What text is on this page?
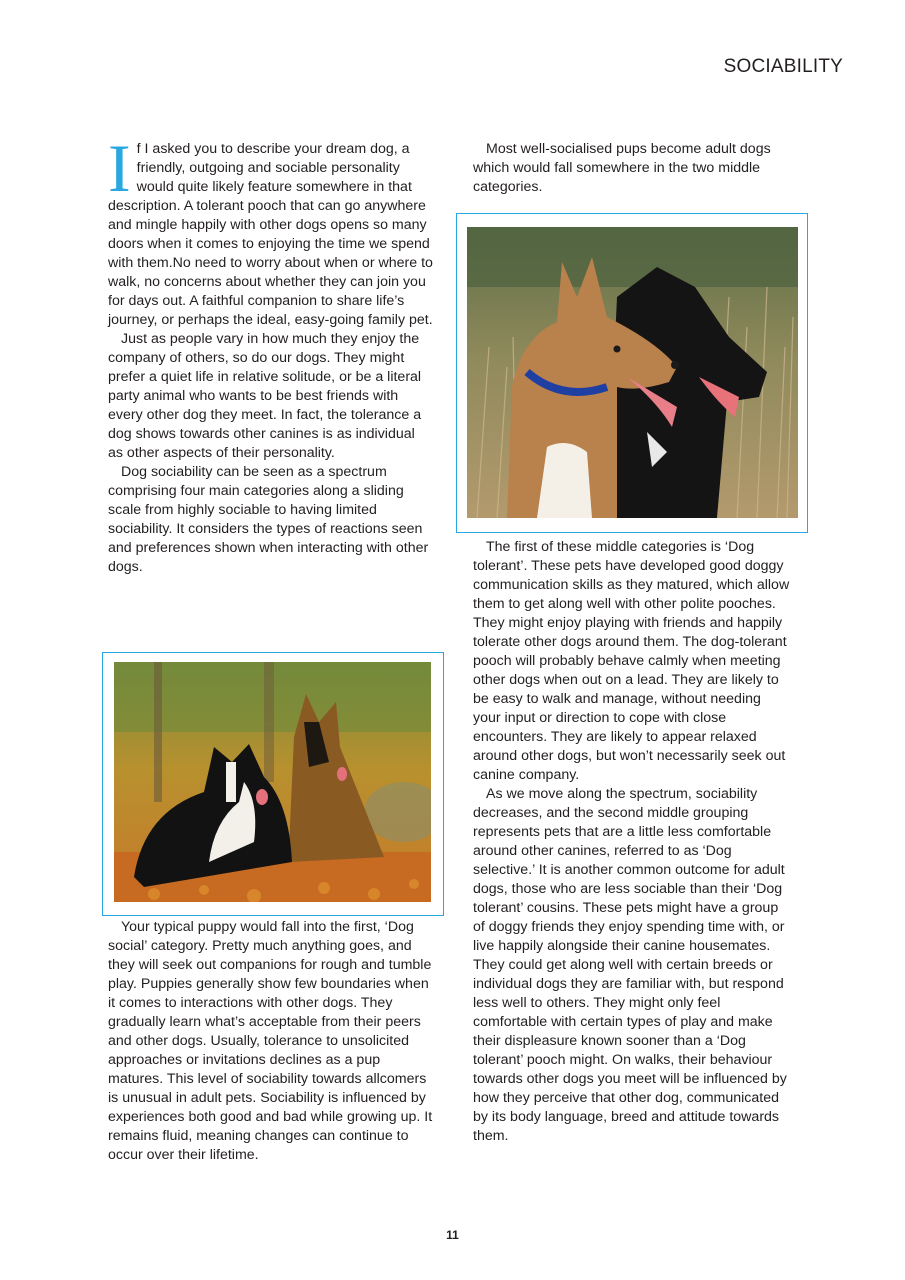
SOCIABILITY

If I asked you to describe your dream dog, a friendly, outgoing and sociable personality would quite likely feature somewhere in that description. A tolerant pooch that can go anywhere and mingle happily with other dogs opens so many doors when it comes to enjoying the time we spend with them.No need to worry about when or where to walk, no concerns about whether they can join you for days out. A faithful companion to share life’s journey, or perhaps the ideal, easy-going family pet.

Just as people vary in how much they enjoy the company of others, so do our dogs. They might prefer a quiet life in relative solitude, or be a literal party animal who wants to be best friends with every other dog they meet. In fact, the tolerance a dog shows towards other canines is as individual as other aspects of their personality.

Dog sociability can be seen as a spectrum comprising four main categories along a sliding scale from highly sociable to having limited sociability. It considers the types of reactions seen and preferences shown when interacting with other dogs.

Most well-socialised pups become adult dogs which would fall somewhere in the two middle categories.

The first of these middle categories is ‘Dog tolerant’. These pets have developed good doggy communication skills as they matured, which allow them to get along well with other polite pooches. They might enjoy playing with friends and happily tolerate other dogs around them. The dog-tolerant pooch will probably behave calmly when meeting other dogs when out on a lead. They are likely to be easy to walk and manage, without needing your input or direction to cope with close encounters. They are likely to appear relaxed around other dogs, but won’t necessarily seek out canine company.

As we move along the spectrum, sociability decreases, and the second middle grouping represents pets that are a little less comfortable around other canines, referred to as ‘Dog selective.’ It is another common outcome for adult dogs, those who are less sociable than their ‘Dog tolerant’ cousins. These pets might have a group of doggy friends they enjoy spending time with, or live happily alongside their canine housemates. They could get along well with certain breeds or individual dogs they are familiar with, but respond less well to others. They might only feel comfortable with certain types of play and make their displeasure known sooner than a ‘Dog tolerant’ pooch might. On walks, their behaviour towards other dogs you meet will be influenced by how they perceive that other dog, communicated by its body language, breed and attitude towards them.

Your typical puppy would fall into the first, ‘Dog social’ category. Pretty much anything goes, and they will seek out companions for rough and tumble play. Puppies generally show few boundaries when it comes to interactions with other dogs. They gradually learn what’s acceptable from their peers and other dogs. Usually, tolerance to unsolicited approaches or invitations declines as a pup matures. This level of sociability towards allcomers is unusual in adult pets. Sociability is influenced by experiences both good and bad while growing up. It remains fluid, meaning changes can continue to occur over their lifetime.

11
